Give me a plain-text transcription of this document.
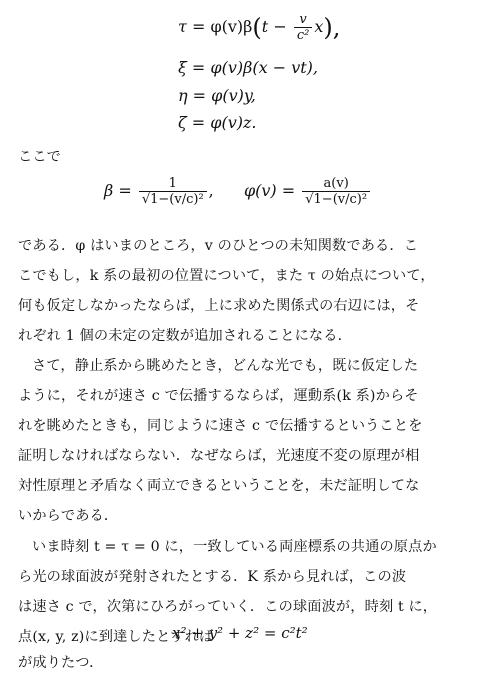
$\tau = \varphi(v)\beta(t - \frac{v}{\text{c²}} x)$,
ξ = φ(v)β(x − vt),
η = φ(v)y,
ζ = φ(v)z.
ここで
$\beta = \frac{1}{\text{√1−(v/c)²}}$ , $\varphi(v) = \frac{a(v)}{\text{√1−(v/c)²}}$
である．φ はいまのところ，v のひとつの未知関数である．こ
こでもし，k 系の最初の位置について，また τ の始点について，
何も仮定しなかったならば，上に求めた関係式の右辺には，そ
れぞれ 1 個の未定の定数が追加されることになる．
さて，静止系から眺めたとき，どんな光でも，既に仮定した
ように，それが速さ c で伝播するならば，運動系(k 系)からそ
れを眺めたときも，同じように速さ c で伝播するということを
証明しなければならない．なぜならば，光速度不変の原理が相
対性原理と矛盾なく両立できるということを，未だ証明してな
いからである．
いま時刻 t = τ = 0 に，一致している両座標系の共通の原点か
ら光の球面波が発射されたとする．K 系から見れば，この波
は速さ c で，次第にひろがっていく．この球面波が，時刻 t に，
点(x, y, z)に到達したとすれば
x² + y² + z² = c²t²
が成りたつ．
